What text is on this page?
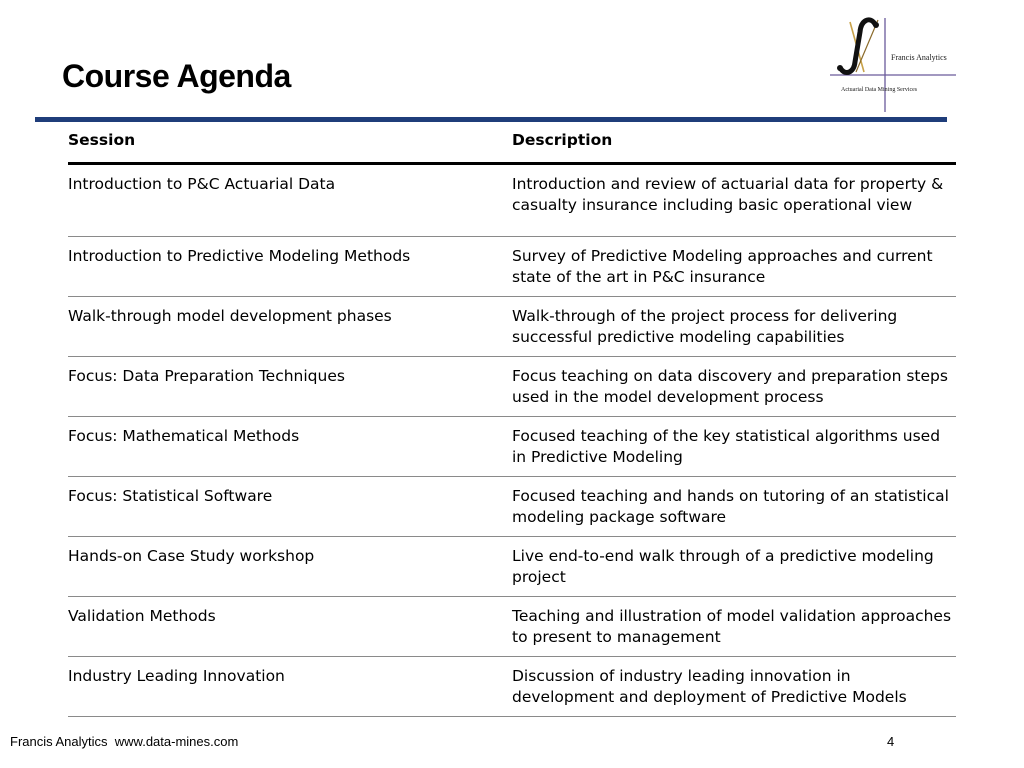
Course Agenda
Francis Analytics
Actuarial Data Mining Services
Session	Description
Introduction to P&C Actuarial Data	Introduction and review of actuarial data for property & casualty insurance including basic operational view
Introduction to Predictive Modeling Methods	Survey of Predictive Modeling approaches and current state of the art in P&C insurance
Walk-through model development phases	Walk-through of the project process for delivering successful predictive modeling capabilities
Focus: Data Preparation Techniques	Focus teaching on data discovery and preparation steps used in the model development process
Focus: Mathematical Methods	Focused teaching of the key statistical algorithms used in Predictive Modeling
Focus: Statistical Software	Focused teaching and hands on tutoring of an statistical modeling package software
Hands-on Case Study workshop	Live end-to-end walk through of a predictive modeling project
Validation Methods	Teaching and illustration of model validation approaches to present to management
Industry Leading Innovation	Discussion of industry leading innovation in development and deployment of Predictive Models
Francis Analytics  www.data-mines.com	4
